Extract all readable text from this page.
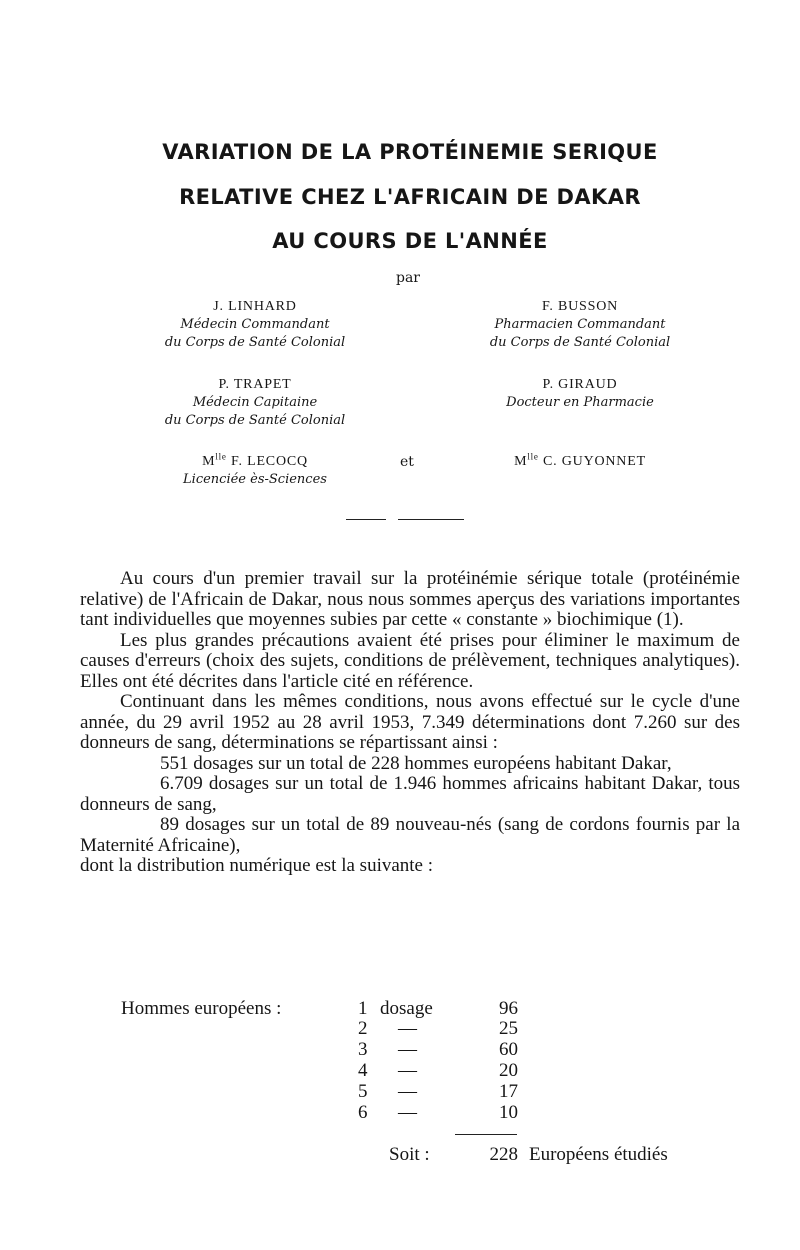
VARIATION DE LA PROTÉINEMIE SERIQUE
RELATIVE CHEZ L'AFRICAIN DE DAKAR
AU COURS DE L'ANNÉE
par
J. LINHARD
Médecin Commandant
du Corps de Santé Colonial
F. BUSSON
Pharmacien Commandant
du Corps de Santé Colonial
P. TRAPET
Médecin Capitaine
du Corps de Santé Colonial
P. GIRAUD
Docteur en Pharmacie
$M^{lle}$ F. LECOCQ
Licenciée ès-Sciences
et	$M^{lle}$ C. GUYONNET

Au cours d'un premier travail sur la protéinémie sérique totale (protéinémie relative) de l'Africain de Dakar, nous nous sommes aperçus des variations importantes tant individuelles que moyennes subies par cette « constante » biochimique (1).

Les plus grandes précautions avaient été prises pour éliminer le maximum de causes d'erreurs (choix des sujets, conditions de prélèvement, techniques analytiques). Elles ont été décrites dans l'article cité en référence.

Continuant dans les mêmes conditions, nous avons effectué sur le cycle d'une année, du 29 avril 1952 au 28 avril 1953, 7.349 déterminations dont 7.260 sur des donneurs de sang, déterminations se répartissant ainsi :

551 dosages sur un total de 228 hommes européens habitant Dakar,

6.709 dosages sur un total de 1.946 hommes africains habitant Dakar, tous donneurs de sang,

89 dosages sur un total de 89 nouveau-nés (sang de cordons fournis par la Maternité Africaine),

dont la distribution numérique est la suivante :

Hommes européens :	1 dosage	96
2 —	25
3 —	60
4 —	20
5 —	17
6 —	10
Soit :	228 Européens étudiés
